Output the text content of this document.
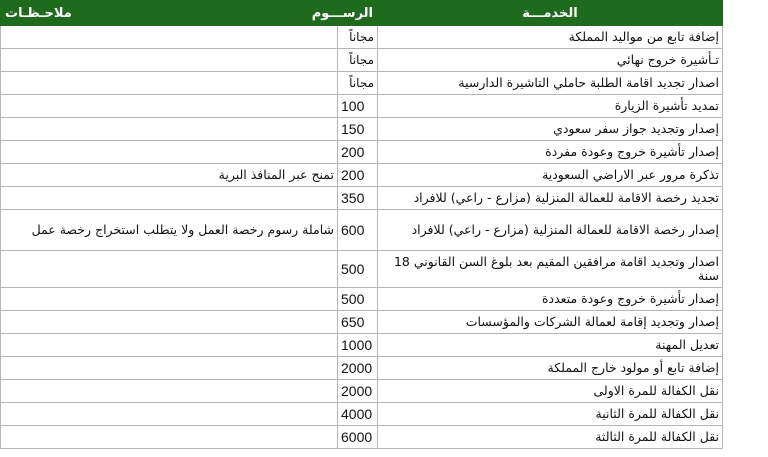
الخدمـــة	الرســـوم	ملاحـظـات
إضافة تابع من مواليد المملكة	مجاناً	
تـأشيرة خروج نهائي	مجاناً	
اصدار تجديد اقامة الطلبة حاملي التاشيرة الدارسية	مجاناً	
تمديد تأشيرة الزيارة	100	
إصدار وتجديد جواز سفر سعودي	150	
إصدار تأشيرة خروج وعودة مفردة	200	
تذكرة مرور عبر الاراضي السعودية	200	تمنح عبر المنافذ البرية
تجديد رخصة الاقامة للعمالة المنزلية (مزارع - راعي) للافراد	350	
إصدار رخصة الاقامة للعمالة المنزلية (مزارع - راعي) للافراد	600	شاملة رسوم رخصة العمل ولا يتطلب استخراج رخصة عمل
اصدار وتجديد اقامة مرافقين المقيم بعد بلوغ السن القانوني 18 سنة	500	
إصدار تأشيرة خروج وعودة متعددة	500	
إصدار وتجديد إقامة لعمالة الشركات والمؤسسات	650	
تعديل المهنة	1000	
إضافة تابع أو مولود خارج المملكة	2000	
نقل الكفالة للمرة الاولى	2000	
نقل الكفالة للمرة الثانية	4000	
نقل الكفالة للمرة الثالثة	6000	
